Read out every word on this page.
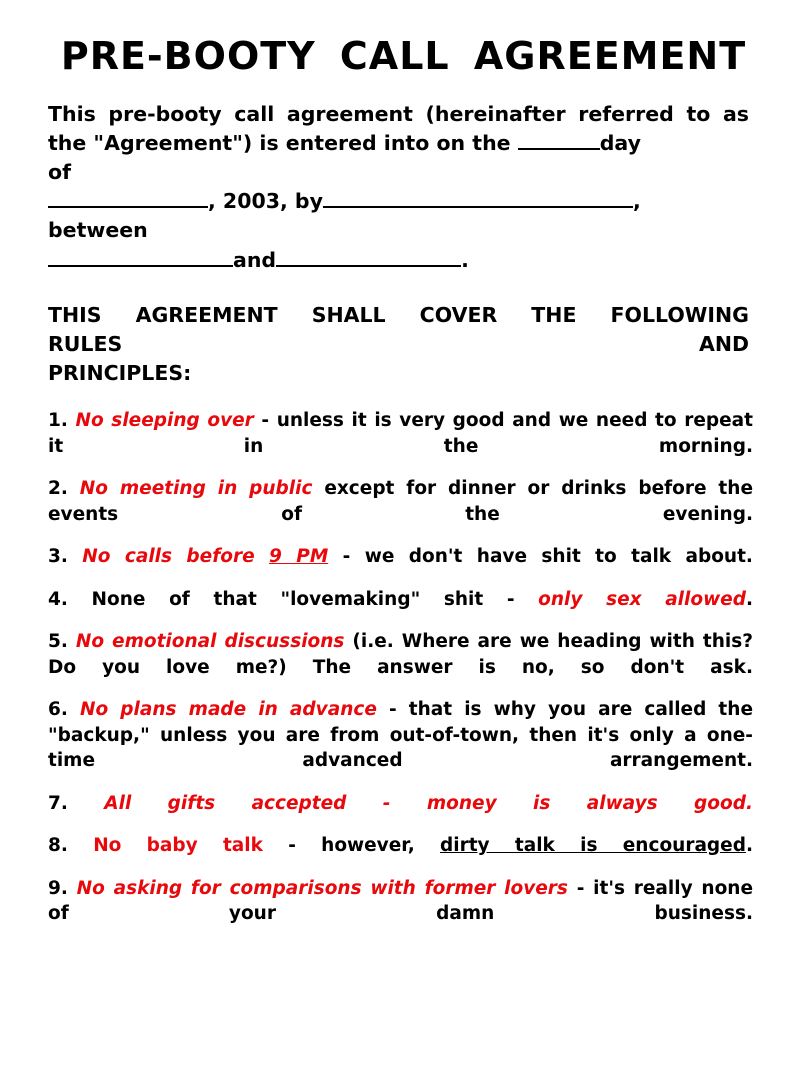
PRE-BOOTY CALL AGREEMENT
This pre-booty call agreement (hereinafter referred to as the "Agreement") is entered into on the	day
of
, 2003, by	,
between
and	.
THIS AGREEMENT SHALL COVER THE FOLLOWING
RULES	AND
PRINCIPLES:
1. No sleeping over - unless it is very good and we need to repeat it in the morning.
2. No meeting in public except for dinner or drinks before the events of the evening.
3. No calls before 9 PM - we don't have shit to talk about.
4. None of that "lovemaking" shit - only sex allowed.
5. No emotional discussions (i.e. Where are we heading with this? Do you love me?) The answer is no, so don't ask.
6. No plans made in advance - that is why you are called the "backup," unless you are from out-of-town, then it's only a one-time advanced arrangement.
7. All gifts accepted - money is always good.
8. No baby talk - however, dirty talk is encouraged.
9. No asking for comparisons with former lovers - it's really none of your damn business.
